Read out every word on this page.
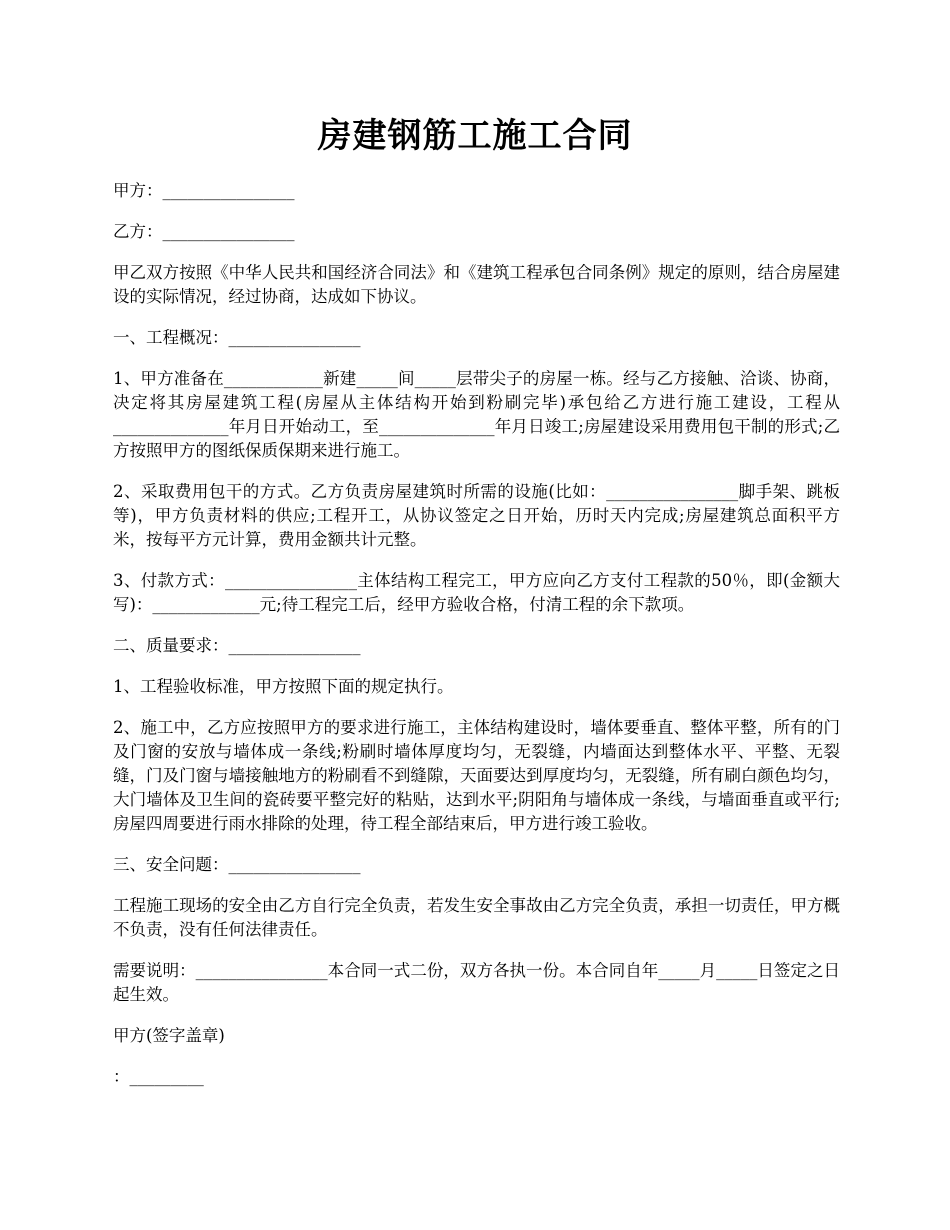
房建钢筋工施工合同

甲方：________________

乙方：________________

甲乙双方按照《中华人民共和国经济合同法》和《建筑工程承包合同条例》规定的原则，结合房屋建设的实际情况，经过协商，达成如下协议。

一、工程概况：________________

1、甲方准备在____________新建_____间_____层带尖子的房屋一栋。经与乙方接触、洽谈、协商，决定将其房屋建筑工程(房屋从主体结构开始到粉刷完毕)承包给乙方进行施工建设，工程从______________年月日开始动工，至______________年月日竣工;房屋建设采用费用包干制的形式;乙方按照甲方的图纸保质保期来进行施工。

2、采取费用包干的方式。乙方负责房屋建筑时所需的设施(比如：________________脚手架、跳板等)，甲方负责材料的供应;工程开工，从协议签定之日开始，历时天内完成;房屋建筑总面积平方米，按每平方元计算，费用金额共计元整。

3、付款方式：________________主体结构工程完工，甲方应向乙方支付工程款的50％，即(金额大写)：_____________元;待工程完工后，经甲方验收合格，付清工程的余下款项。

二、质量要求：________________

1、工程验收标准，甲方按照下面的规定执行。

2、施工中，乙方应按照甲方的要求进行施工，主体结构建设时，墙体要垂直、整体平整，所有的门及门窗的安放与墙体成一条线;粉刷时墙体厚度均匀，无裂缝，内墙面达到整体水平、平整、无裂缝，门及门窗与墙接触地方的粉刷看不到缝隙，天面要达到厚度均匀，无裂缝，所有刷白颜色均匀，大门墙体及卫生间的瓷砖要平整完好的粘贴，达到水平;阴阳角与墙体成一条线，与墙面垂直或平行;房屋四周要进行雨水排除的处理，待工程全部结束后，甲方进行竣工验收。

三、安全问题：________________

工程施工现场的安全由乙方自行完全负责，若发生安全事故由乙方完全负责，承担一切责任，甲方概不负责，没有任何法律责任。

需要说明：________________本合同一式二份，双方各执一份。本合同自年_____月_____日签定之日起生效。

甲方(签字盖章)

：_________
